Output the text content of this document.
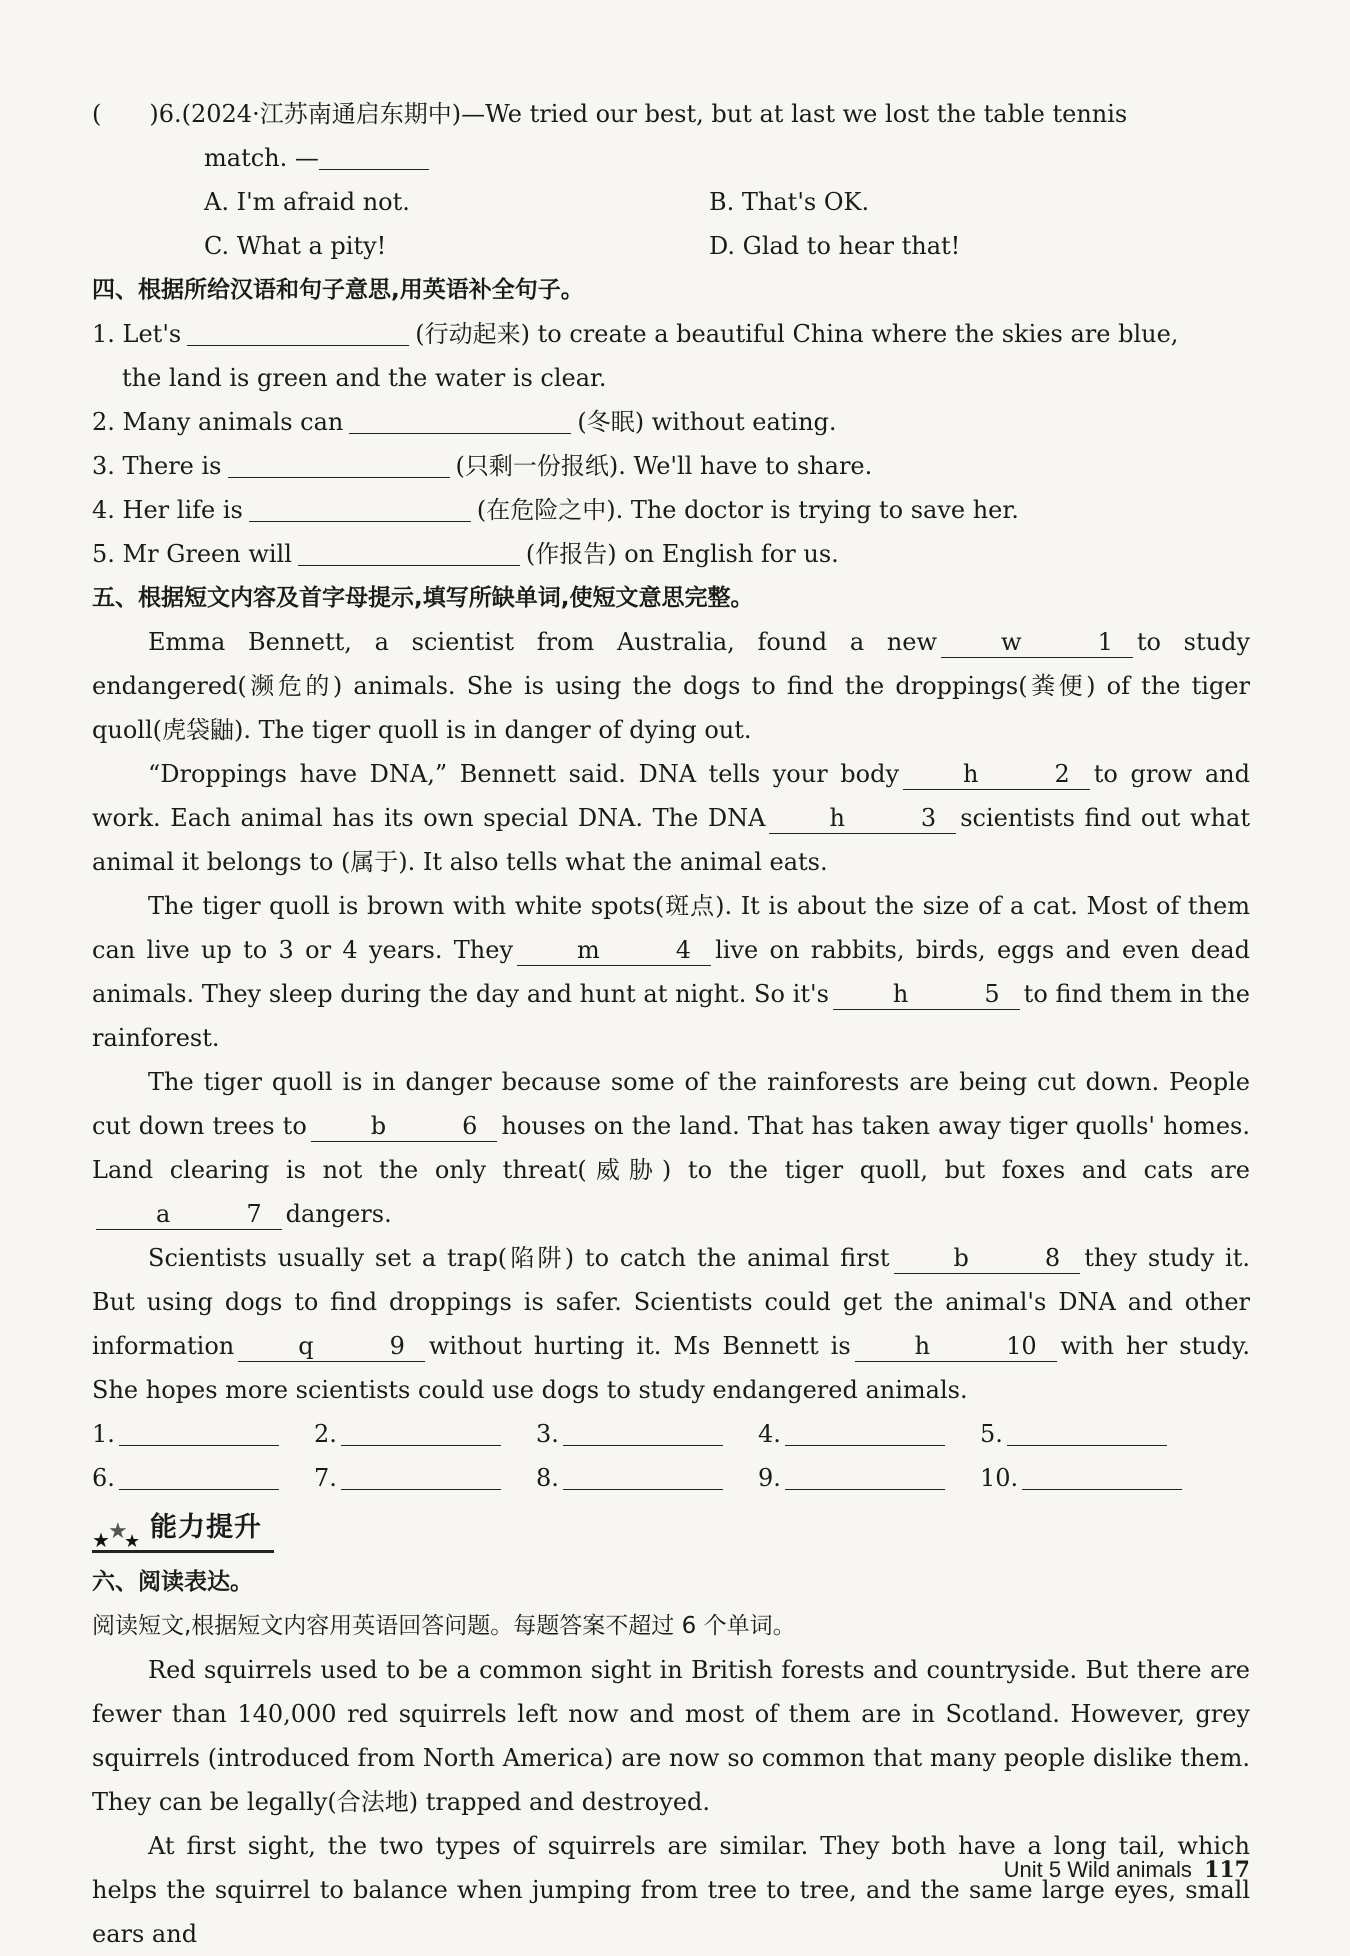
(　　)6.(2024·江苏南通启东期中)—We tried our best, but at last we lost the table tennis
match. —
A. I'm afraid not.	B. That's OK.
C. What a pity!	D. Glad to hear that!
四、根据所给汉语和句子意思,用英语补全句子。
1. Let's	(行动起来) to create a beautiful China where the skies are blue,
the land is green and the water is clear.
2. Many animals can	(冬眠) without eating.
3. There is	(只剩一份报纸). We'll have to share.
4. Her life is	(在危险之中). The doctor is trying to save her.
5. Mr Green will	(作报告) on English for us.
五、根据短文内容及首字母提示,填写所缺单词,使短文意思完整。
Emma Bennett, a scientist from Australia, found a new	w	1 to study endangered(濒危的) animals. She is using the dogs to find the droppings(粪便) of the tiger quoll(虎袋鼬). The tiger quoll is in danger of dying out.
“Droppings have DNA,” Bennett said. DNA tells your body	h	2 to grow and work. Each animal has its own special DNA. The DNA	h	3 scientists find out what animal it belongs to (属于). It also tells what the animal eats.
The tiger quoll is brown with white spots(斑点). It is about the size of a cat. Most of them can live up to 3 or 4 years. They	m	4 live on rabbits, birds, eggs and even dead animals. They sleep during the day and hunt at night. So it's	h	5 to find them in the rainforest.
The tiger quoll is in danger because some of the rainforests are being cut down. People cut down trees to	b	6 houses on the land. That has taken away tiger quolls' homes. Land clearing is not the only threat(威胁) to the tiger quoll, but foxes and cats area	7 dangers.
Scientists usually set a trap(陷阱) to catch the animal first	b	8 they study it. But using dogs to find droppings is safer. Scientists could get the animal's DNA and other information	q	9 without hurting it. Ms Bennett is	h	10 with her study. She hopes more scientists could use dogs to study endangered animals.
1.	2.	3.	4.	5.
6.	7.	8.	9.	10.
★
★
★ 能力提升
六、阅读表达。
阅读短文,根据短文内容用英语回答问题。每题答案不超过 6 个单词。
Red squirrels used to be a common sight in British forests and countryside. But there are fewer than 140,000 red squirrels left now and most of them are in Scotland. However, grey squirrels (introduced from North America) are now so common that many people dislike them. They can be legally(合法地) trapped and destroyed.
At first sight, the two types of squirrels are similar. They both have a long tail, which helps the squirrel to balance when jumping from tree to tree, and the same large eyes, small ears and
Unit 5 Wild animals 117
